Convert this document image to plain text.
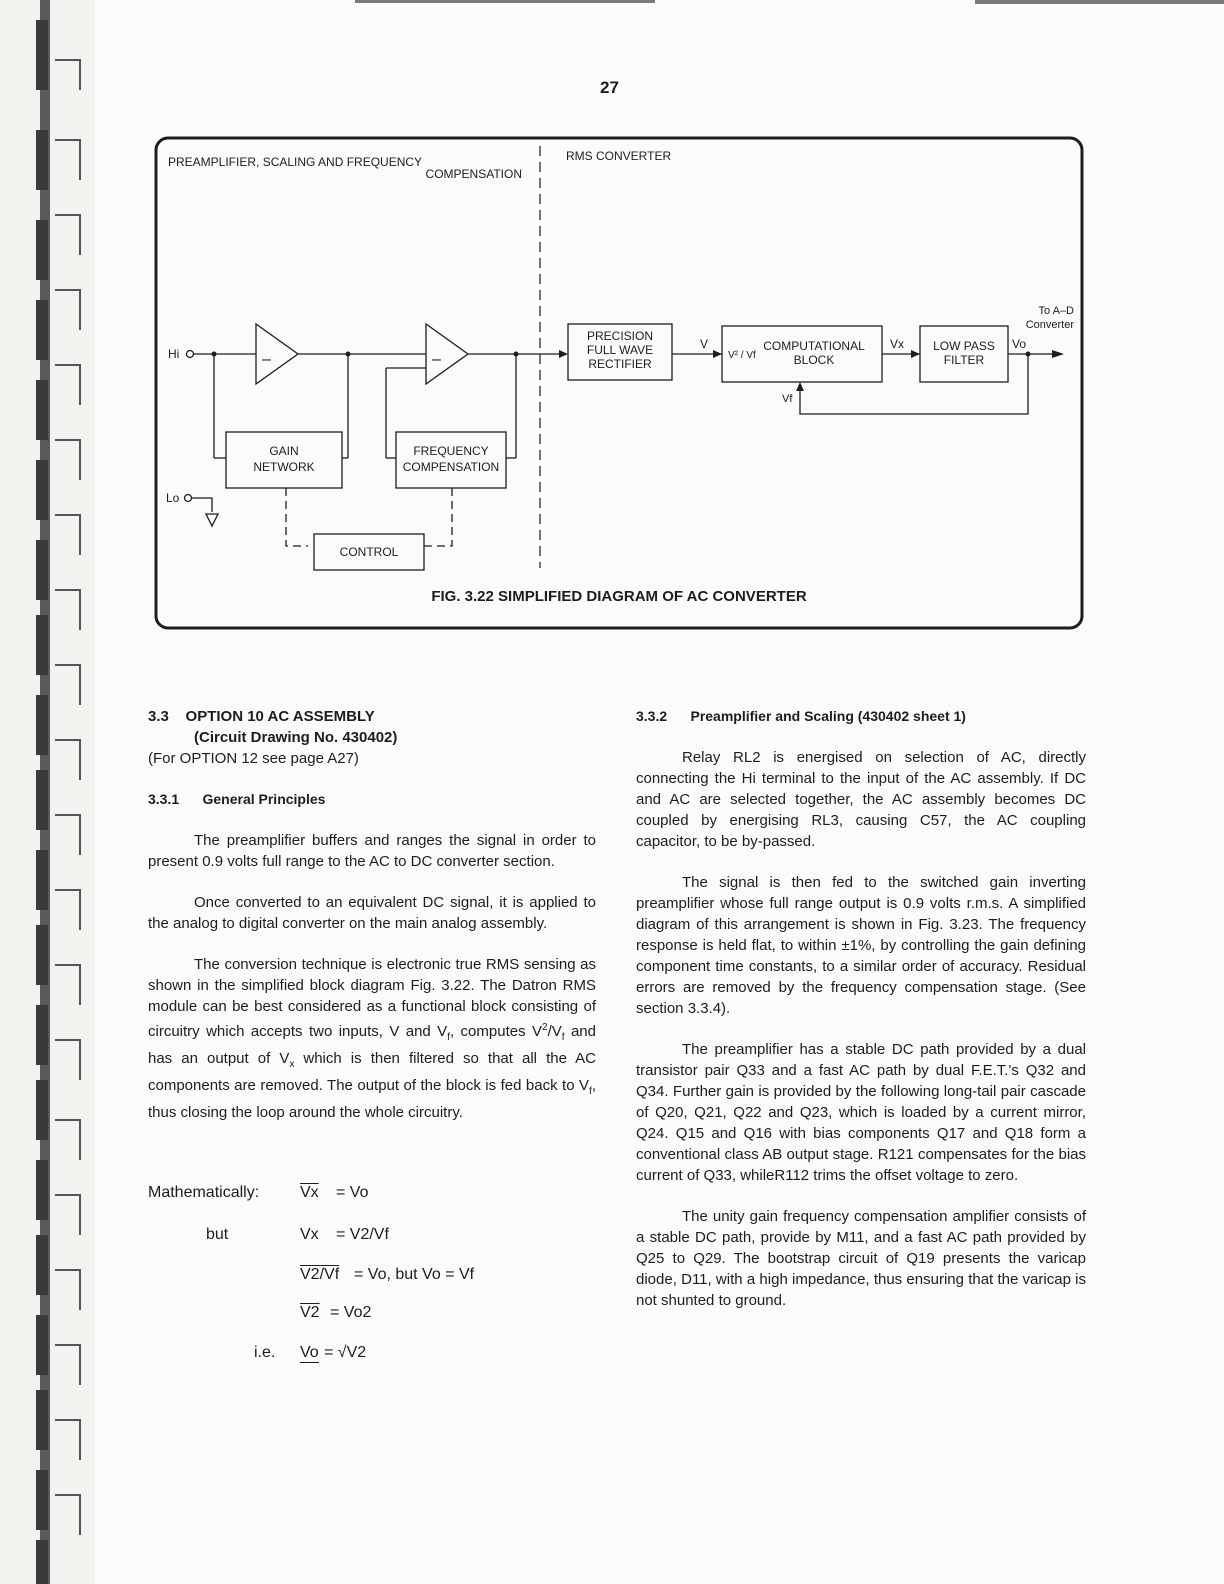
27
PREAMPLIFIER, SCALING AND FREQUENCY
COMPENSATION
RMS CONVERTER
Hi
Lo
–	–
GAIN
NETWORK
FREQUENCY
COMPENSATION
CONTROL
PRECISION
FULL WAVE
RECTIFIER
V
V² / Vf
COMPUTATIONAL
BLOCK
Vx
Vf
LOW PASS
FILTER
Vo
To A–D
Converter
FIG. 3.22 SIMPLIFIED DIAGRAM OF AC CONVERTER
3.3 OPTION 10 AC ASSEMBLY
(Circuit Drawing No. 430402)
(For OPTION 12 see page A27)
3.3.1 General Principles

The preamplifier buffers and ranges the signal in order to present 0.9 volts full range to the AC to DC converter section.

Once converted to an equivalent DC signal, it is applied to the analog to digital converter on the main analog assembly.

The conversion technique is electronic true RMS sensing as shown in the simplified block diagram Fig. 3.22. The Datron RMS module can be best considered as a functional block consisting of circuitry which accepts two inputs, V and $V_f$, computes $V^2/V_f$ and has an output of $V_x$ which is then filtered so that all the AC components are removed. The output of the block is fed back to $V_f$, thus closing the loop around the whole circuitry.

Mathematically:	$\overline{Vx} = Vo$
but	Vx = V2/Vf
V2/Vf = Vo, but Vo = Vf
V2 = Vo2
i.e. Vo = √V2
3.3.2 Preamplifier and Scaling (430402 sheet 1)

Relay RL2 is energised on selection of AC, directly connecting the Hi terminal to the input of the AC assembly. If DC and AC are selected together, the AC assembly becomes DC coupled by energising RL3, causing C57, the AC coupling capacitor, to be by-passed.

The signal is then fed to the switched gain inverting preamplifier whose full range output is 0.9 volts r.m.s. A simplified diagram of this arrangement is shown in Fig. 3.23. The frequency response is held flat, to within ±1%, by controlling the gain defining component time constants, to a similar order of accuracy. Residual errors are removed by the frequency compensation stage. (See section 3.3.4).

The preamplifier has a stable DC path provided by a dual transistor pair Q33 and a fast AC path by dual F.E.T.'s Q32 and Q34. Further gain is provided by the following long-tail pair cascade of Q20, Q21, Q22 and Q23, which is loaded by a current mirror, Q24. Q15 and Q16 with bias components Q17 and Q18 form a conventional class AB output stage. R121 compensates for the bias current of Q33, whileR112 trims the offset voltage to zero.

The unity gain frequency compensation amplifier consists of a stable DC path, provide by M11, and a fast AC path provided by Q25 to Q29. The bootstrap circuit of Q19 presents the varicap diode, D11, with a high impedance, thus ensuring that the varicap is not shunted to ground.
